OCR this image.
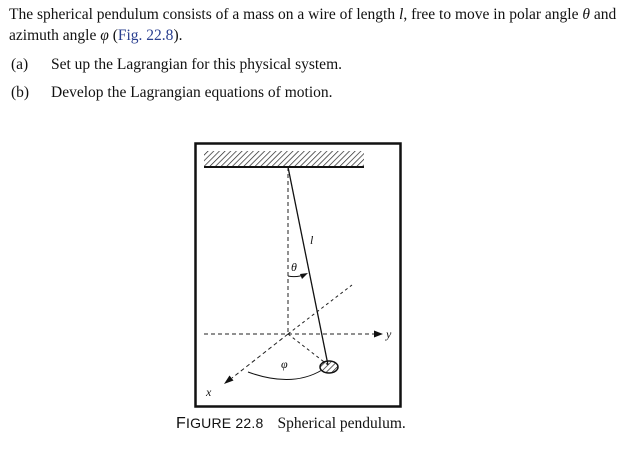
The spherical pendulum consists of a mass on a wire of length l, free to move in polar angle θ and azimuth angle φ (Fig. 22.8).

(a) Set up the Lagrangian for this physical system.
(b) Develop the Lagrangian equations of motion.
l
θ
φ
x
y
FIGURE 22.8 Spherical pendulum.
